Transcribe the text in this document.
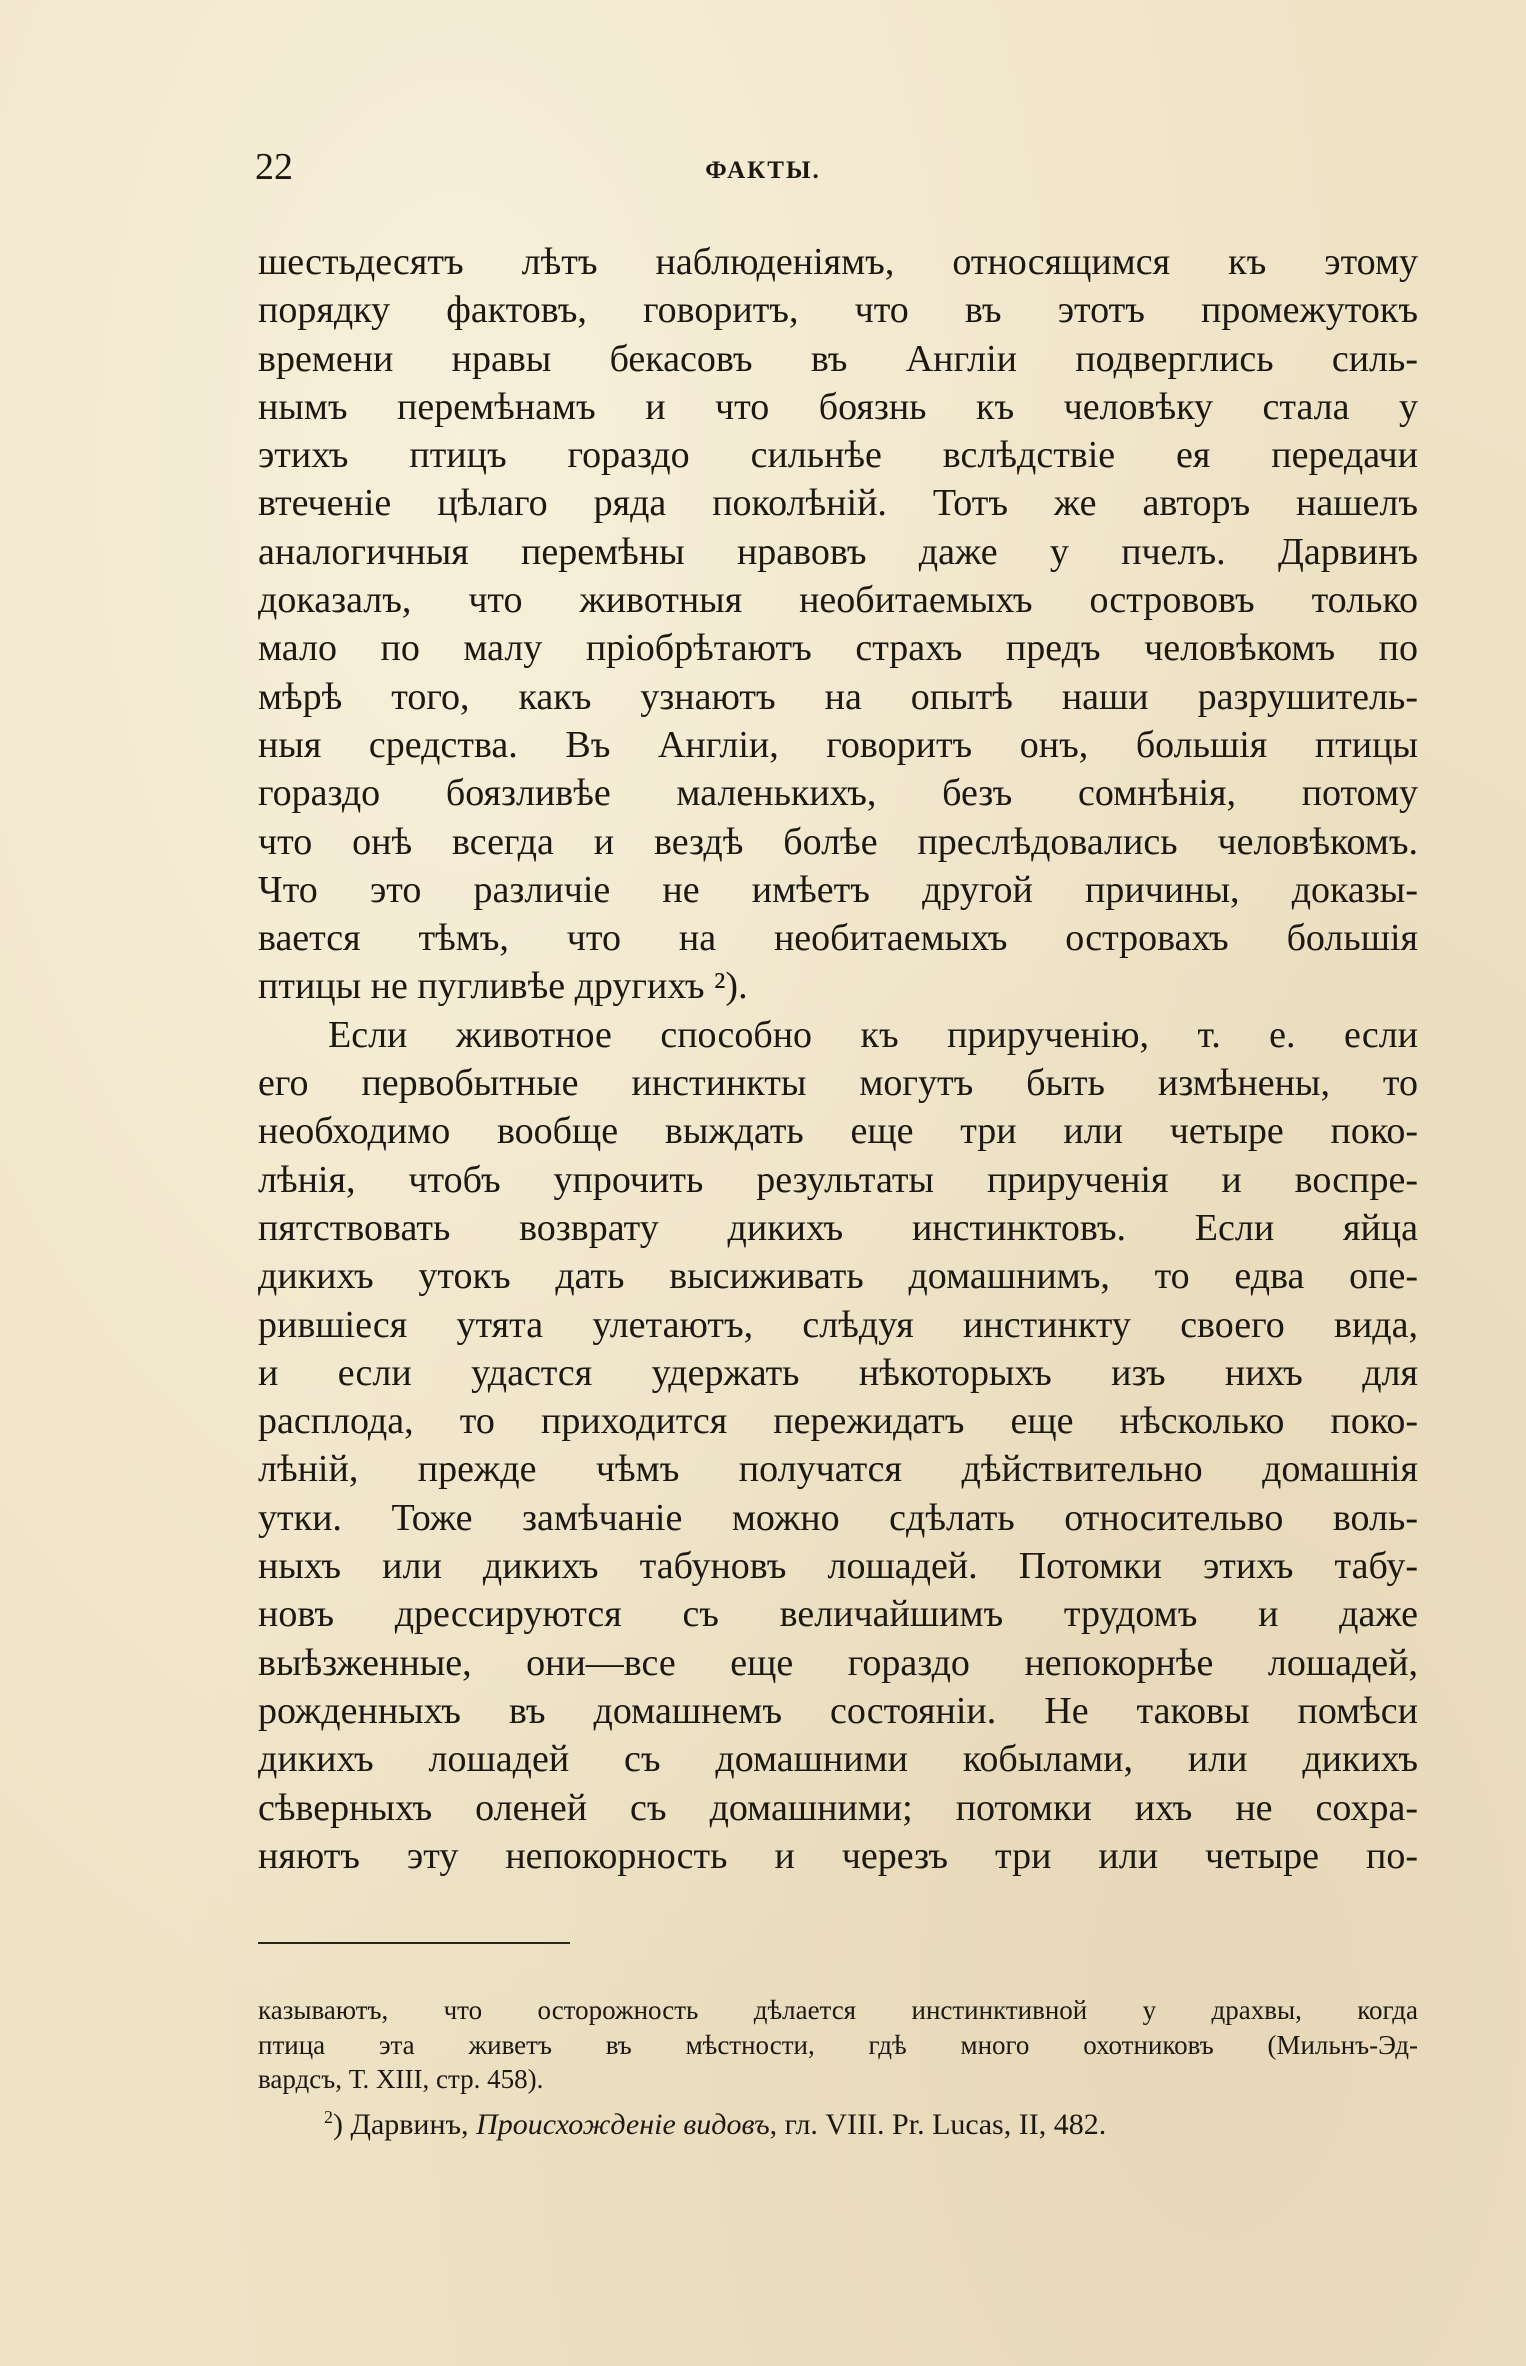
22	ФАКТЫ.
шестьдесятъ лѣтъ наблюденіямъ, относящимся къ этому
порядку фактовъ, говоритъ, что въ этотъ промежутокъ
времени нравы бекасовъ въ Англіи подверглись силь-
нымъ перемѣнамъ и что боязнь къ человѣку стала у
этихъ птицъ гораздо сильнѣе вслѣдствіе ея передачи
втеченіе цѣлаго ряда поколѣній. Тотъ же авторъ нашелъ
аналогичныя перемѣны нравовъ даже у пчелъ. Дарвинъ
доказалъ, что животныя необитаемыхъ острововъ только
мало по малу пріобрѣтаютъ страхъ предъ человѣкомъ по
мѣрѣ того, какъ узнаютъ на опытѣ наши разрушитель-
ныя средства. Въ Англіи, говоритъ онъ, большія птицы
гораздо боязливѣе маленькихъ, безъ сомнѣнія, потому
что онѣ всегда и вездѣ болѣе преслѣдовались человѣкомъ.
Что это различіе не имѣетъ другой причины, доказы-
вается тѣмъ, что на необитаемыхъ островахъ большія
птицы не пугливѣе другихъ ²).
Если животное способно къ прирученію, т. е. если
его первобытные инстинкты могутъ быть измѣнены, то
необходимо вообще выждать еще три или четыре поко-
лѣнія, чтобъ упрочить результаты прирученія и воспре-
пятствовать возврату дикихъ инстинктовъ. Если яйца
дикихъ утокъ дать высиживать домашнимъ, то едва опе-
рившіеся утята улетаютъ, слѣдуя инстинкту своего вида,
и если удастся удержать нѣкоторыхъ изъ нихъ для
расплода, то приходится пережидатъ еще нѣсколько поко-
лѣній, прежде чѣмъ получатся дѣйствительно домашнія
утки. Тоже замѣчаніе можно сдѣлать относительво воль-
ныхъ или дикихъ табуновъ лошадей. Потомки этихъ табу-
новъ дрессируются съ величайшимъ трудомъ и даже
выѣзженные, они—все еще гораздо непокорнѣе лошадей,
рожденныхъ въ домашнемъ состояніи. Не таковы помѣси
дикихъ лошадей съ домашними кобылами, или дикихъ
сѣверныхъ оленей съ домашними; потомки ихъ не сохра-
няютъ эту непокорность и черезъ три или четыре по-
казываютъ, что осторожность дѣлается инстинктивной у драхвы, когда
птица эта живетъ въ мѣстности, гдѣ много охотниковъ (Мильнъ-Эд-
вардсъ, Т. XIII, стр. 458).
$^2$) Дарвинъ, Происхожденіе видовъ, гл. VIII. Pr. Lucas, II, 482.
